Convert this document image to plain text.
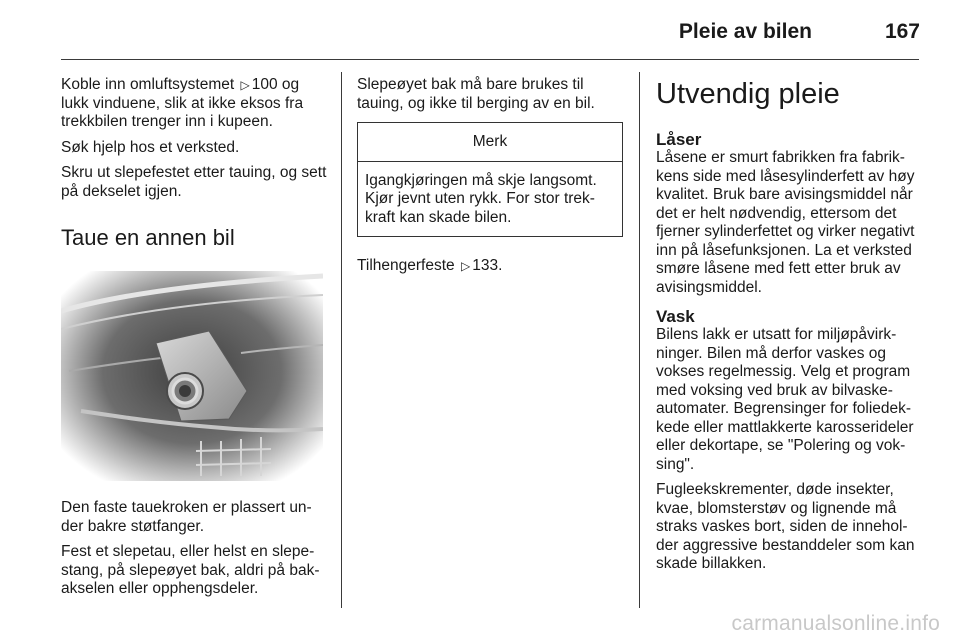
Pleie av bilen	167

Koble inn omluftsystemet ▷ 100 og lukk vinduene, slik at ikke eksos fra trekkbilen trenger inn i kupeen.

Søk hjelp hos et verksted.

Skru ut slepefestet etter tauing, og sett på dekselet igjen.

Taue en annen bil

Den faste tauekroken er plassert un-der bakre støtfanger.

Fest et slepetau, eller helst en slepe-stang, på slepeøyet bak, aldri på bak-akselen eller opphengsdeler.

Slepeøyet bak må bare brukes til tauing, og ikke til berging av en bil.

Merk
Igangkjøringen må skje langsomt. Kjør jevnt uten rykk. For stor trek-kraft kan skade bilen.

Tilhengerfeste ▷ 133.

Utvendig pleie
Låser

Låsene er smurt fabrikken fra fabrik-kens side med låsesylinderfett av høy kvalitet. Bruk bare avisingsmiddel når det er helt nødvendig, ettersom det fjerner sylinderfettet og virker negativt inn på låsefunksjonen. La et verksted smøre låsene med fett etter bruk av avisingsmiddel.

Vask

Bilens lakk er utsatt for miljøpåvirk-ninger. Bilen må derfor vaskes og vokses regelmessig. Velg et program med voksing ved bruk av bilvaske-automater. Begrensinger for foliedek-kede eller mattlakkerte karosserideler eller dekortape, se "Polering og vok-sing".

Fugleekskrementer, døde insekter, kvae, blomsterstøv og lignende må straks vaskes bort, siden de innehol-der aggressive bestanddeler som kan skade billakken.

carmanualsonline.info
